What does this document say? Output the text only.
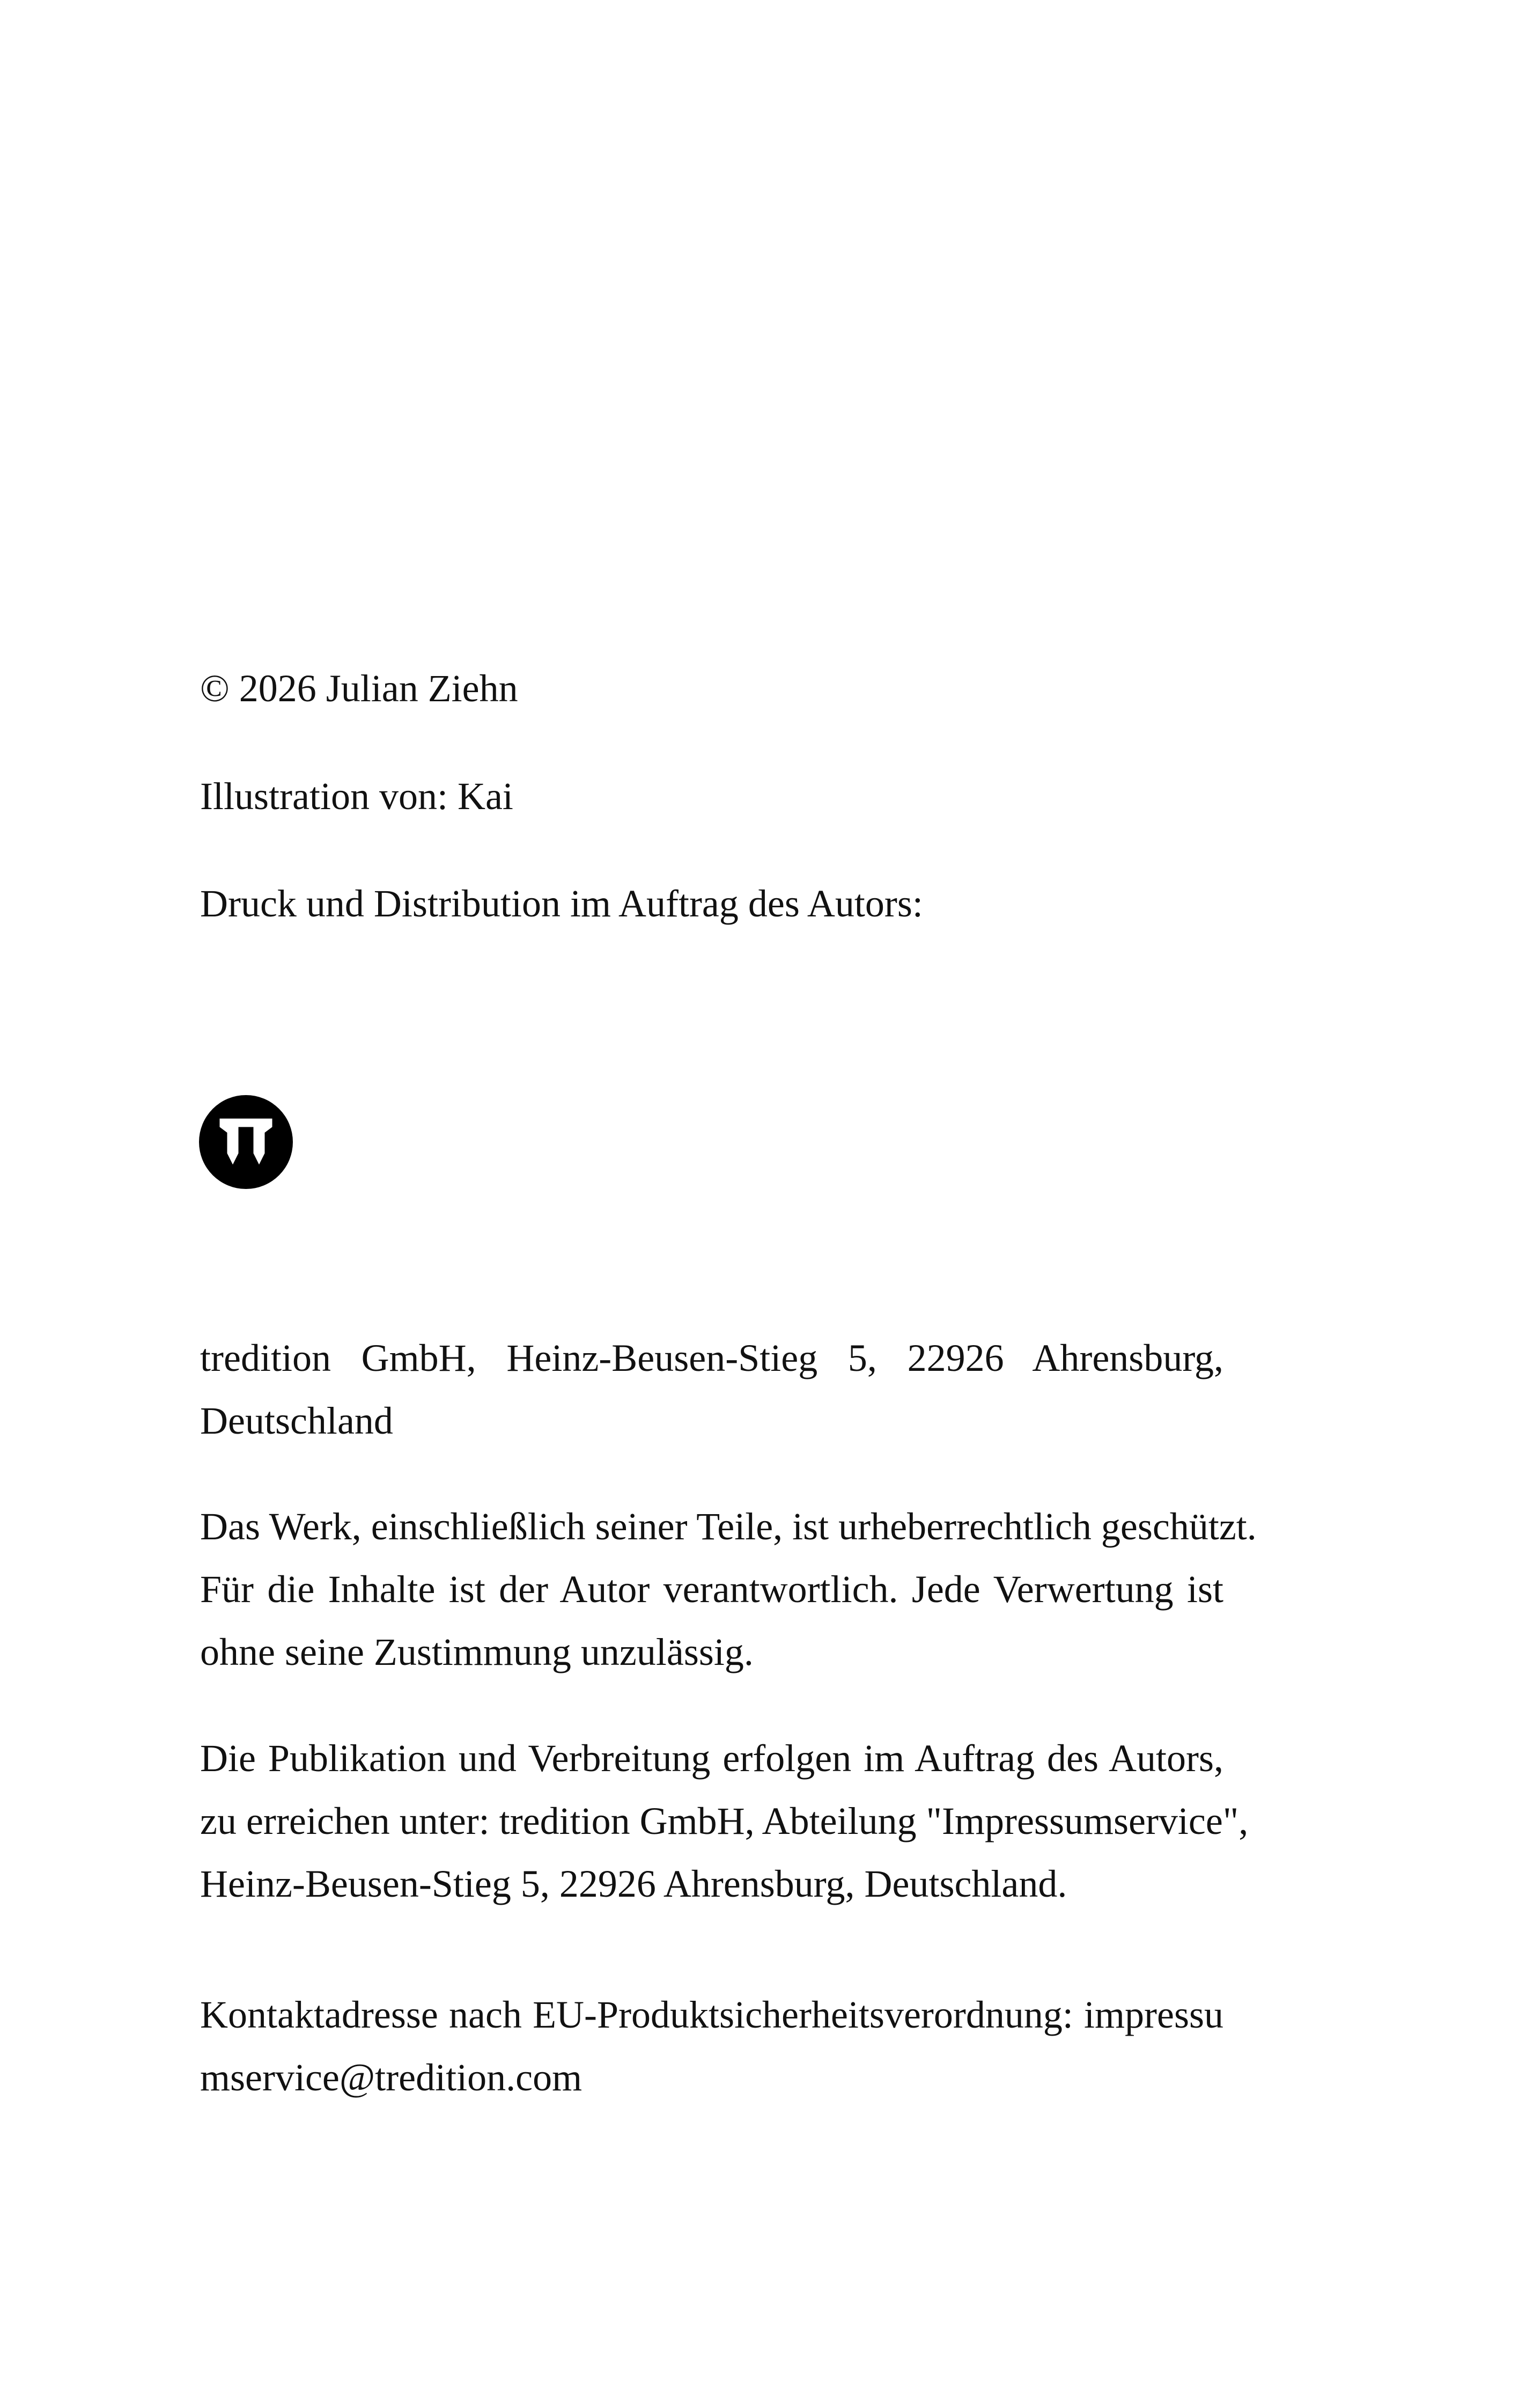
© 2026 Julian Ziehn
Illustration von: Kai
Druck und Distribution im Auftrag des Autors:
tredition GmbH, Heinz-Beusen-Stieg 5, 22926 Ahrensburg,
Deutschland
Das Werk, einschließlich seiner Teile, ist urheberrechtlich geschützt.
Für die Inhalte ist der Autor verantwortlich. Jede Verwertung ist
ohne seine Zustimmung unzulässig.
Die Publikation und Verbreitung erfolgen im Auftrag des Autors,
zu erreichen unter: tredition GmbH, Abteilung "Impressumservice",
Heinz-Beusen-Stieg 5, 22926 Ahrensburg, Deutschland.
Kontaktadresse nach EU-Produktsicherheitsverordnung: impressu
mservice@tredition.com
